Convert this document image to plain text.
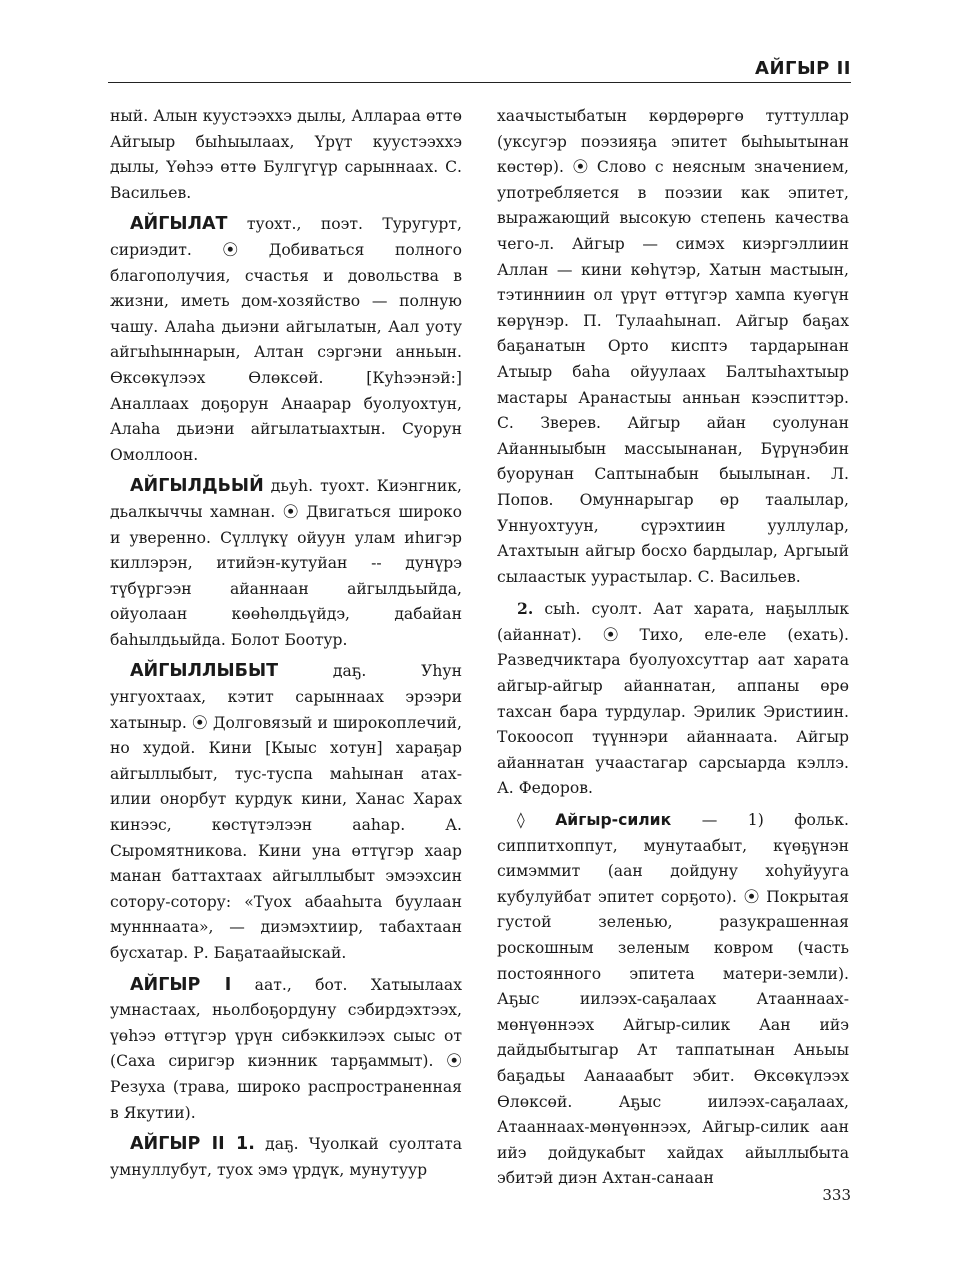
АЙГЫР II

ный. Алын куустээххэ дылы, Алларaа өттө Айгыыр быhыылаах, Үрүт куустээххэ дылы, Үөhээ өттө Булгүгүр сарыннаах. С. Васильев.

АЙГЫЛАТ туохт., поэт. Туругурт, сириэдит. ⦿ Добиваться полного благополучия, счастья и довольства в жизни, иметь дом-хозяйство — полную чашу. Алаhа дьиэни айгылатын, Аал уоту айгыhыннарын, Алтан сэргэни анньын. Өксөкүлээх Өлөксөй. [Куhээнэй:] Аналлаах доҕорун Анаарар буолуохтун, Алаhа дьиэни айгылатыахтын. Суорун Омоллоон.

АЙГЫЛДЬЫЙ дьуh. туохт. Киэнгник, дьалкыччы хамнан. ⦿ Двигаться широко и уверенно. Сүллүкү ойуун улам иhигэр киллэрэн, итийэн-кутуйан -- дунүрэ түбүргээн айаннаан айгылдьыйда, ойуолаан көөhөлдьүйдэ, дабайан баhылдьыйда. Болот Боотур.

АЙГЫЛЛЫБЫТ даҕ. Уhун унгуохтаах, кэтит сарыннаах эрээри хатыныр. ⦿ Долговязый и широкоплечий, но худой. Кини [Кыыс хотун] хараҕар айгыллыбыт, тус-туспа маhынан атах-илии онорбут курдук кини, Ханас Харах кинээс, көстүтэлээн ааhар. А. Сыромятникова. Кини уна өттүгэр хаар манан баттахтаах айгыллыбыт эмээхсин сотору-сотору: «Туох абааhыта буулаан мунннаата», — диэмэхтиир, табахтаан бусхатар. Р. Баҕатаайыскай.

АЙГЫР I аат., бот. Хатыылаах умнастаах, ньолбоҕордуну сэбирдэхтээх, үөhээ өттүгэр үрүн сибэккилээх сыыс от (Саха сиригэр киэнник тарҕаммыт). ⦿ Резуха (трава, широко распространенная в Якутии).

АЙГЫР II 1. даҕ. Чуолкай суолтата умнуллубут, туох эмэ үрдүк, мунутуур

хаачыстыбатын көрдөрөргө туттуллар (уксугэр поэзияҕа эпитет быhыытынан көстөр). ⦿ Слово с неясным значением, употребляется в поэзии как эпитет, выражающий высокую степень качества чего-л. Айгыр — симэх киэргэллиин Аллан — кини көhүтэр, Хатын мастыын, тэтинниин ол үрүт өттүгэр хампа куөгүн көрүнэр. П. Тулааhынап. Айгыр баҕах баҕанатын Орто кисптэ тардарынан Атыыр баhа ойуулаах Балтыhахтыыр мастары Аранастыы анньан кээспиттэр. С. Зверев. Айгыр айан суолунан Айанныыбын массыынанан, Бүрүнэбин буорунан Саптынабын быылынан. Л. Попов. Омуннарыгар өр таалылар, Уннуохтуун, сүрэхтиин ууллулар, Атахтыын айгыр босхо бардылар, Аргыый сылаастык уурастылар. С. Васильев.

2. сыh. суолт. Аат харата, наҕыллык (айаннат). ⦿ Тихо, еле-еле (ехать). Разведчиктара буолуохсуттар аат харата айгыр-айгыр айаннатан, аппаны өрө тахсан бара турдулар. Эрилик Эристиин. Токоосоп түүннэри айаннаата. Айгыр айаннатан учаастагар сарсыарда кэллэ. А. Федоров.

◊ Айгыр-силик — 1) фольк. сиппитхоппут, мунутаабыт, күөҕүнэн симэммит (аан дойдуну хоhуйууга кубулуйбат эпитет сорҕото). ⦿ Покрытая густой зеленью, разукрашенная роскошным зеленым ковром (часть постоянного эпитета матери-земли). Аҕыс иилээх-саҕалаах Атааннаах-мөнүөннээх Айгыр-силик Аан ийэ дайдыбытыгар Ат таппатынан Аньыы баҕадьы Аанааабыт эбит. Өксөкүлээх Өлөксөй. Аҕыс иилээх-саҕалаах, Атааннаах-мөнүөннээх, Айгыр-силик аан ийэ дойдукабыт хайдах айыллыбыта эбитэй диэн Ахтан-санаан

333
